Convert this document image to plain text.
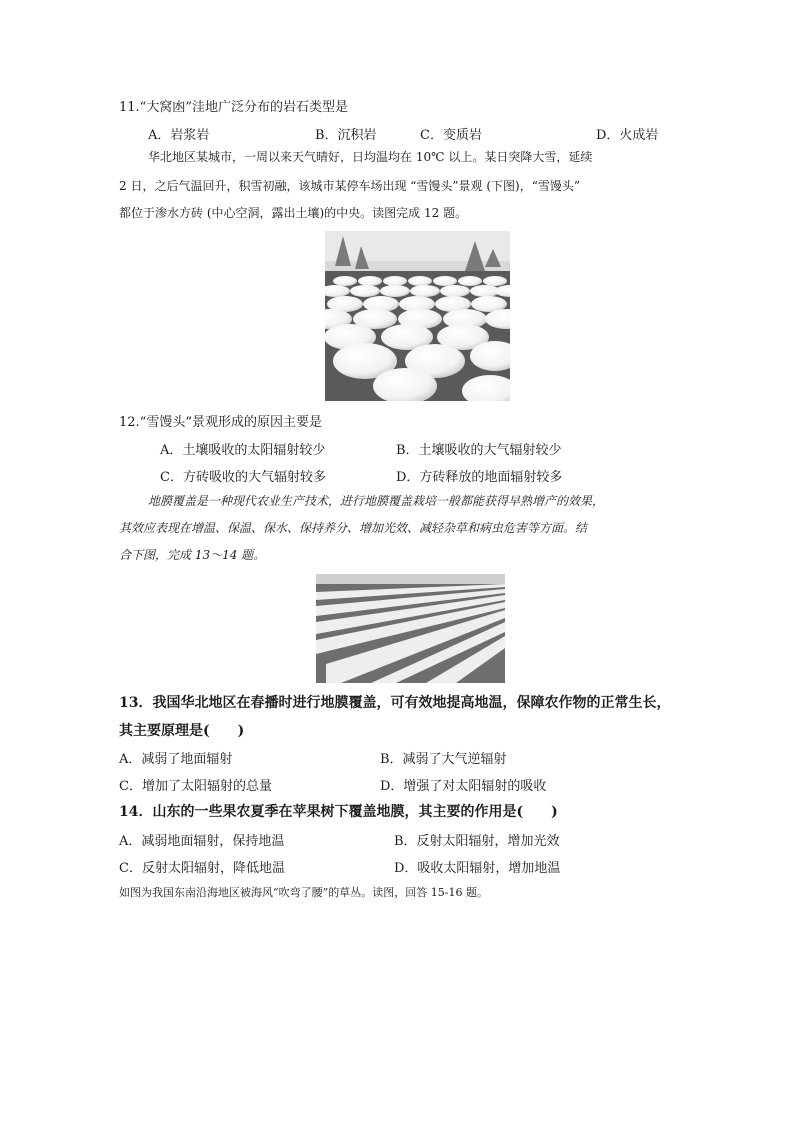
11.“大窝凼”洼地广泛分布的岩石类型是
A．岩浆岩	B．沉积岩	C．变质岩	D．火成岩
华北地区某城市，一周以来天气晴好，日均温均在 10℃ 以上。某日突降大雪，延续
2 日，之后气温回升，积雪初融，该城市某停车场出现 “雪馒头”景观 (下图)，“雪馒头”
都位于渗水方砖 (中心空洞，露出土壤)的中央。读图完成 12 题。
12.“雪馒头”景观形成的原因主要是
A．土壤吸收的太阳辐射较少	B．土壤吸收的大气辐射较少
C．方砖吸收的大气辐射较多	D．方砖释放的地面辐射较多
地膜覆盖是一种现代农业生产技术，进行地膜覆盖栽培一般都能获得早熟增产的效果，
其效应表现在增温、保温、保水、保持养分、增加光效、减轻杂草和病虫危害等方面。结
合下图，完成 13～14 题。
13．我国华北地区在春播时进行地膜覆盖，可有效地提高地温，保障农作物的正常生长，
其主要原理是(　　)
A．减弱了地面辐射	B．减弱了大气逆辐射
C．增加了太阳辐射的总量	D．增强了对太阳辐射的吸收
14．山东的一些果农夏季在苹果树下覆盖地膜，其主要的作用是(　　)
A．减弱地面辐射，保持地温	B．反射太阳辐射，增加光效
C．反射太阳辐射，降低地温	D．吸收太阳辐射，增加地温
如图为我国东南沿海地区被海风“吹弯了腰”的草丛。读图，回答 15-16 题。
